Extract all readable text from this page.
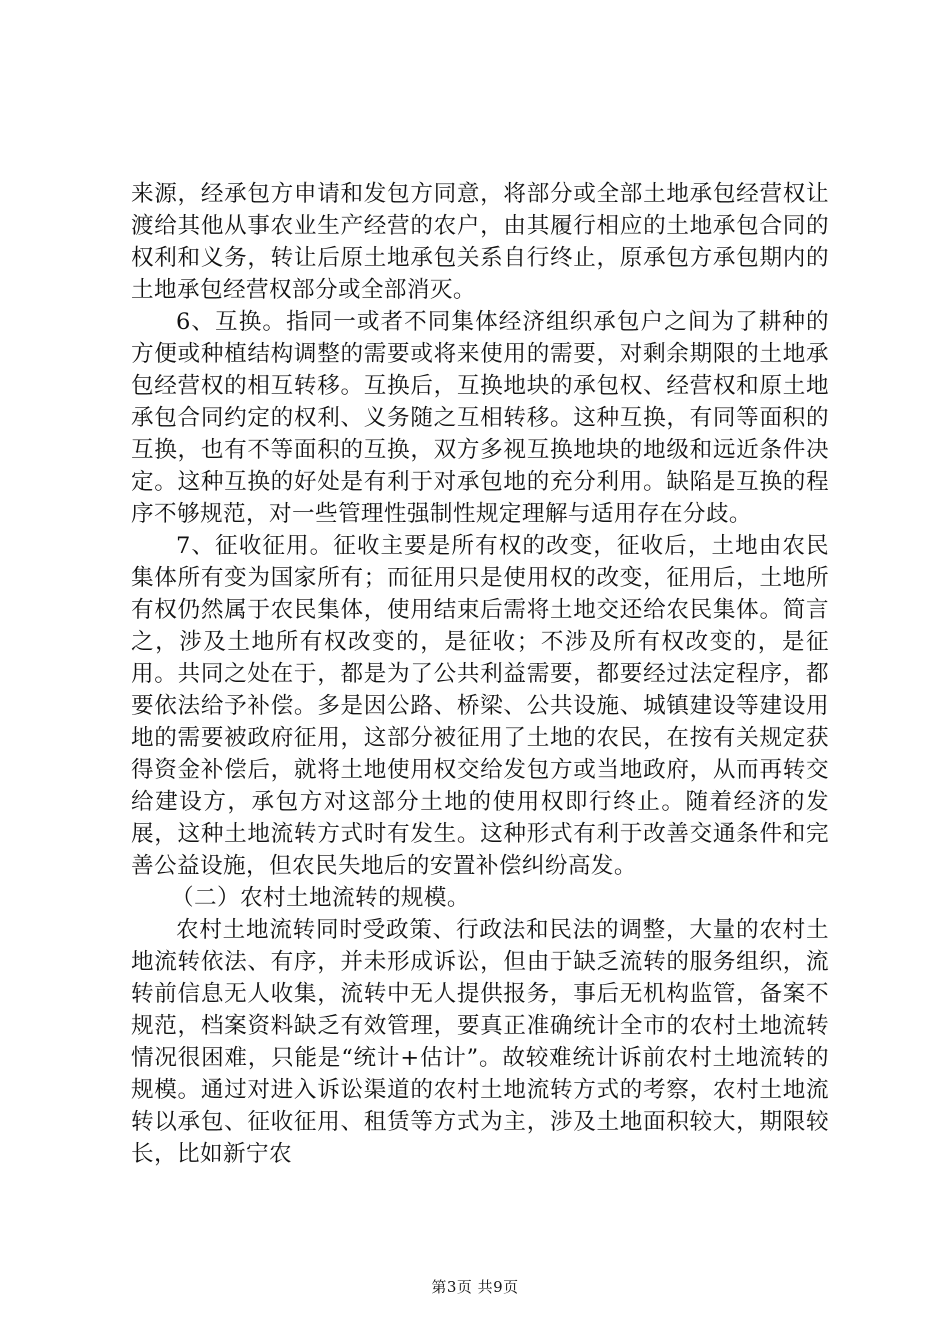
来源，经承包方申请和发包方同意，将部分或全部土地承包经营权让渡给其他从事农业生产经营的农户，由其履行相应的土地承包合同的权利和义务，转让后原土地承包关系自行终止，原承包方承包期内的土地承包经营权部分或全部消灭。

6、互换。指同一或者不同集体经济组织承包户之间为了耕种的方便或种植结构调整的需要或将来使用的需要，对剩余期限的土地承包经营权的相互转移。互换后，互换地块的承包权、经营权和原土地承包合同约定的权利、义务随之互相转移。这种互换，有同等面积的互换，也有不等面积的互换，双方多视互换地块的地级和远近条件决定。这种互换的好处是有利于对承包地的充分利用。缺陷是互换的程序不够规范，对一些管理性强制性规定理解与适用存在分歧。

7、征收征用。征收主要是所有权的改变，征收后，土地由农民集体所有变为国家所有；而征用只是使用权的改变，征用后，土地所有权仍然属于农民集体，使用结束后需将土地交还给农民集体。简言之，涉及土地所有权改变的，是征收；不涉及所有权改变的，是征用。共同之处在于，都是为了公共利益需要，都要经过法定程序，都要依法给予补偿。多是因公路、桥梁、公共设施、城镇建设等建设用地的需要被政府征用，这部分被征用了土地的农民，在按有关规定获得资金补偿后，就将土地使用权交给发包方或当地政府，从而再转交给建设方，承包方对这部分土地的使用权即行终止。随着经济的发展，这种土地流转方式时有发生。这种形式有利于改善交通条件和完善公益设施，但农民失地后的安置补偿纠纷高发。

（二）农村土地流转的规模。

农村土地流转同时受政策、行政法和民法的调整，大量的农村土地流转依法、有序，并未形成诉讼，但由于缺乏流转的服务组织，流转前信息无人收集，流转中无人提供报务，事后无机构监管，备案不规范，档案资料缺乏有效管理，要真正准确统计全市的农村土地流转情况很困难，只能是“统计+估计”。故较难统计诉前农村土地流转的规模。通过对进入诉讼渠道的农村土地流转方式的考察，农村土地流转以承包、征收征用、租赁等方式为主，涉及土地面积较大，期限较长，比如新宁农

第3页 共9页
